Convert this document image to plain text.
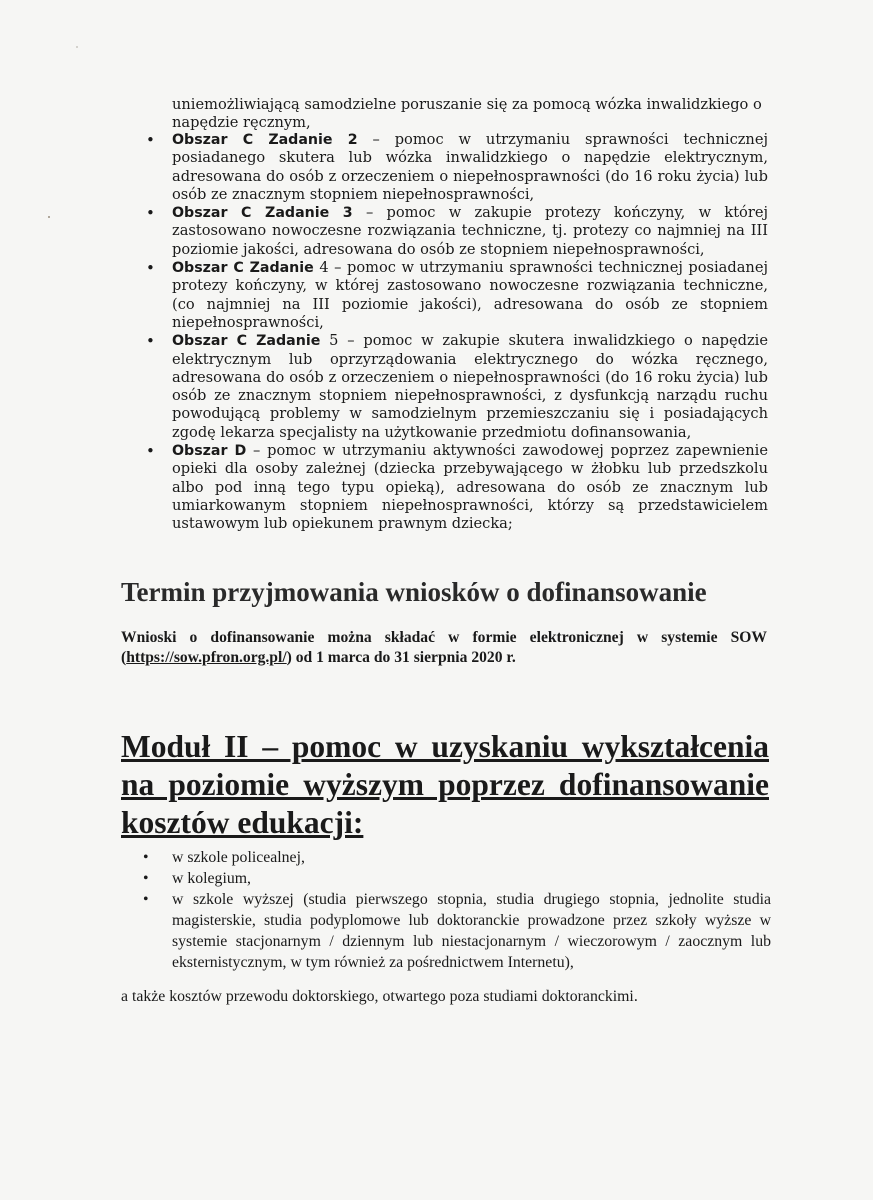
uniemożliwiającą samodzielne poruszanie się za pomocą wózka inwalidzkiego o napędzie ręcznym,

• Obszar C Zadanie 2 – pomoc w utrzymaniu sprawności technicznej posiadanego skutera lub wózka inwalidzkiego o napędzie elektrycznym, adresowana do osób z orzeczeniem o niepełnosprawności (do 16 roku życia) lub osób ze znacznym stopniem niepełnosprawności,
• Obszar C Zadanie 3 – pomoc w zakupie protezy kończyny, w której zastosowano nowoczesne rozwiązania techniczne, tj. protezy co najmniej na III poziomie jakości, adresowana do osób ze stopniem niepełnosprawności,
• Obszar C Zadanie 4 – pomoc w utrzymaniu sprawności technicznej posiadanej protezy kończyny, w której zastosowano nowoczesne rozwiązania techniczne, (co najmniej na III poziomie jakości), adresowana do osób ze stopniem niepełnosprawności,
• Obszar C Zadanie 5 – pomoc w zakupie skutera inwalidzkiego o napędzie elektrycznym lub oprzyrządowania elektrycznego do wózka ręcznego, adresowana do osób z orzeczeniem o niepełnosprawności (do 16 roku życia) lub osób ze znacznym stopniem niepełnosprawności, z dysfunkcją narządu ruchu powodującą problemy w samodzielnym przemieszczaniu się i posiadających zgodę lekarza specjalisty na użytkowanie przedmiotu dofinansowania,
• Obszar D – pomoc w utrzymaniu aktywności zawodowej poprzez zapewnienie opieki dla osoby zależnej (dziecka przebywającego w żłobku lub przedszkolu albo pod inną tego typu opieką), adresowana do osób ze znacznym lub umiarkowanym stopniem niepełnosprawności, którzy są przedstawicielem ustawowym lub opiekunem prawnym dziecka;
Termin przyjmowania wniosków o dofinansowanie

Wnioski o dofinansowanie można składać w formie elektronicznej w systemie SOW (https://sow.pfron.org.pl/) od 1 marca do 31 sierpnia 2020 r.

Moduł II – pomoc w uzyskaniu wykształcenia na poziomie wyższym poprzez dofinansowanie kosztów edukacji:
• w szkole policealnej,
• w kolegium,
• w szkole wyższej (studia pierwszego stopnia, studia drugiego stopnia, jednolite studia magisterskie, studia podyplomowe lub doktoranckie prowadzone przez szkoły wyższe w systemie stacjonarnym / dziennym lub niestacjonarnym / wieczorowym / zaocznym lub eksternistycznym, w tym również za pośrednictwem Internetu),

a także kosztów przewodu doktorskiego, otwartego poza studiami doktoranckimi.
